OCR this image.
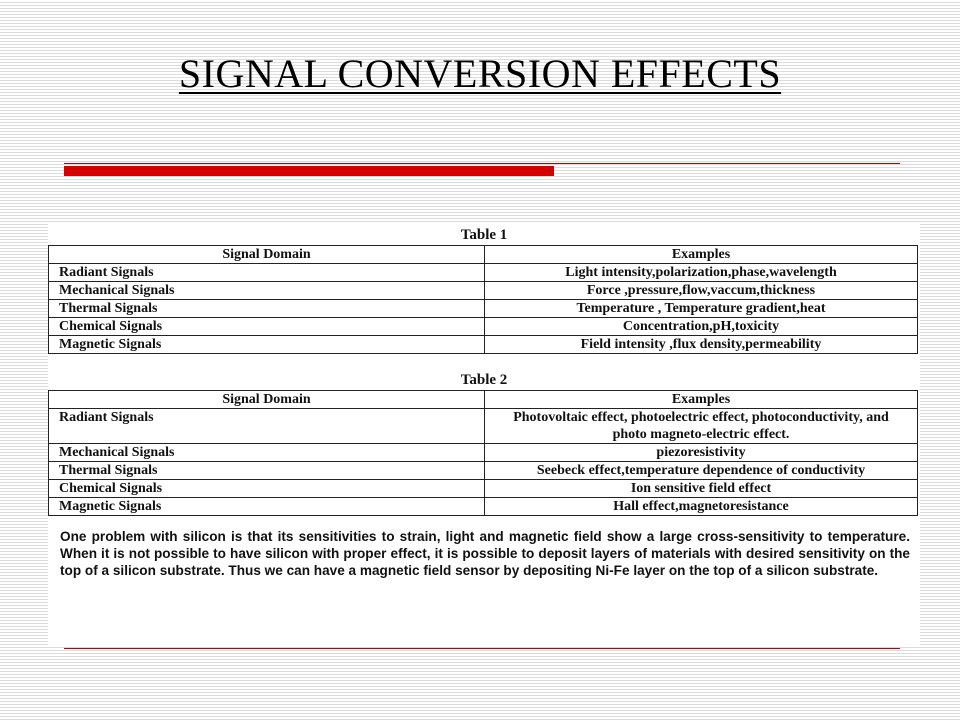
SIGNAL CONVERSION EFFECTS
Table 1
Signal Domain	Examples
Radiant Signals	Light intensity,polarization,phase,wavelength
Mechanical Signals	Force ,pressure,flow,vaccum,thickness
Thermal Signals	Temperature , Temperature gradient,heat
Chemical Signals	Concentration,pH,toxicity
Magnetic Signals	Field intensity ,flux density,permeability
Table 2
Signal Domain	Examples
Radiant Signals	Photovoltaic effect, photoelectric effect, photoconductivity, and photo magneto-electric effect.
Mechanical Signals	piezoresistivity
Thermal Signals	Seebeck effect,temperature dependence of conductivity
Chemical Signals	Ion sensitive field effect
Magnetic Signals	Hall effect,magnetoresistance

One problem with silicon is that its sensitivities to strain, light and magnetic field show a large cross-sensitivity to temperature. When it is not possible to have silicon with proper effect, it is possible to deposit layers of materials with desired sensitivity on the top of a silicon substrate. Thus we can have a magnetic field sensor by depositing Ni-Fe layer on the top of a silicon substrate.
